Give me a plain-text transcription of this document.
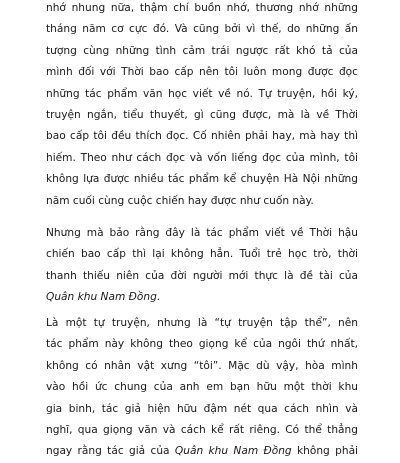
nhớ nhung nữa, thậm chí buồn nhớ, thương nhớ những
tháng năm cơ cực đó. Và cũng bởi vì thế, do những ấn
tượng cùng những tình cảm trái ngược rất khó tả của
mình đối với Thời bao cấp nên tôi luôn mong được đọc
những tác phẩm văn học viết về nó. Tự truyện, hồi ký,
truyện ngắn, tiểu thuyết, gì cũng được, mà là về Thời
bao cấp tôi đều thích đọc. Cố nhiên phải hay, mà hay thì
hiếm. Theo như cách đọc và vốn liếng đọc của mình, tôi
không lựa được nhiều tác phẩm kể chuyện Hà Nội những
năm cuối cùng cuộc chiến hay được như cuốn này.
Nhưng mà bảo rằng đây là tác phẩm viết về Thời hậu
chiến bao cấp thì lại không hẳn. Tuổi trẻ học trò, thời
thanh thiếu niên của đời người mới thực là đề tài của
Quân khu Nam Đồng.
Là một tự truyện, nhưng là “tự truyện tập thể”, nên
tác phẩm này không theo giọng kể của ngôi thứ nhất,
không có nhân vật xưng “tôi”. Mặc dù vậy, hòa mình
vào hồi ức chung của anh em bạn hữu một thời khu
gia binh, tác giả hiện hữu đậm nét qua cách nhìn và
nghĩ, qua giọng văn và cách kể rất riêng. Có thể thẳng
ngay rằng tác giả của Quân khu Nam Đồng không phải
